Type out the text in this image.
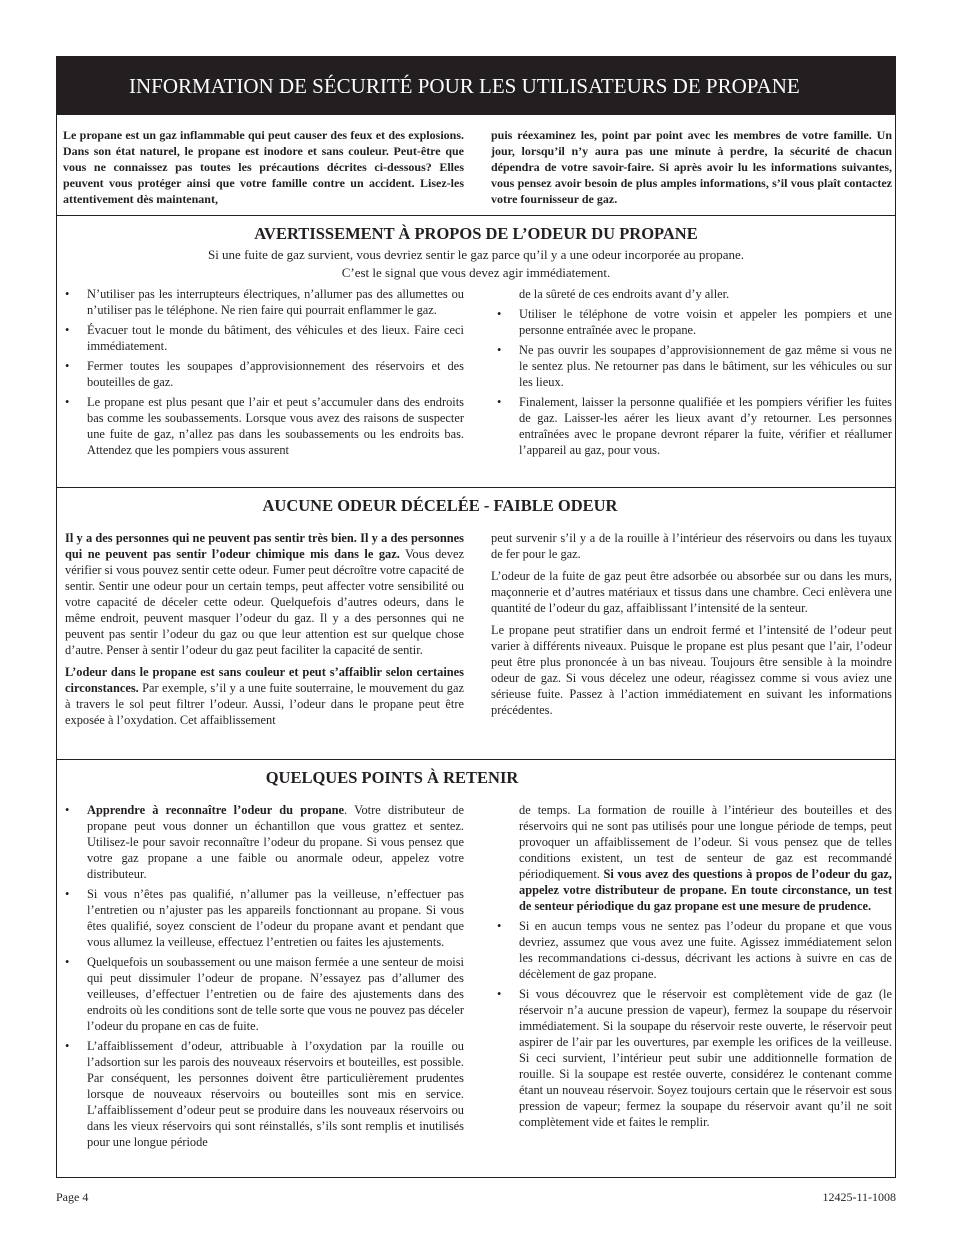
INFORMATION DE SÉCURITÉ POUR LES UTILISATEURS DE PROPANE
Le propane est un gaz inflammable qui peut causer des feux et des explosions. Dans son état naturel, le propane est inodore et sans couleur. Peut-être que vous ne connaissez pas toutes les précautions décrites ci-dessous? Elles peuvent vous protéger ainsi que votre famille contre un accident. Lisez-les attentivement dès maintenant,
puis réexaminez les, point par point avec les membres de votre famille. Un jour, lorsqu’il n’y aura pas une minute à perdre, la sécurité de chacun dépendra de votre savoir-faire. Si après avoir lu les informations suivantes, vous pensez avoir besoin de plus amples informations, s’il vous plaît contactez votre fournisseur de gaz.
AVERTISSEMENT À PROPOS DE L’ODEUR DU PROPANE
Si une fuite de gaz survient, vous devriez sentir le gaz parce qu’il y a une odeur incorporée au propane.
C’est le signal que vous devez agir immédiatement.
• N’utiliser pas les interrupteurs électriques, n’allumer pas des allumettes ou n’utiliser pas le téléphone. Ne rien faire qui pourrait enflammer le gaz.
• Évacuer tout le monde du bâtiment, des véhicules et des lieux. Faire ceci immédiatement.
• Fermer toutes les soupapes d’approvisionnement des réservoirs et des bouteilles de gaz.
• Le propane est plus pesant que l’air et peut s’accumuler dans des endroits bas comme les soubassements. Lorsque vous avez des raisons de suspecter une fuite de gaz, n’allez pas dans les soubassements ou les endroits bas. Attendez que les pompiers vous assurent
de la sûreté de ces endroits avant d’y aller.
• Utiliser le téléphone de votre voisin et appeler les pompiers et une personne entraînée avec le propane.
• Ne pas ouvrir les soupapes d’approvisionnement de gaz même si vous ne le sentez plus. Ne retourner pas dans le bâtiment, sur les véhicules ou sur les lieux.
• Finalement, laisser la personne qualifiée et les pompiers vérifier les fuites de gaz. Laisser-les aérer les lieux avant d’y retourner. Les personnes entraînées avec le propane devront réparer la fuite, vérifier et réallumer l’appareil au gaz, pour vous.
AUCUNE ODEUR DÉCELÉE - FAIBLE ODEUR

Il y a des personnes qui ne peuvent pas sentir très bien. Il y a des personnes qui ne peuvent pas sentir l’odeur chimique mis dans le gaz. Vous devez vérifier si vous pouvez sentir cette odeur. Fumer peut décroître votre capacité de sentir. Sentir une odeur pour un certain temps, peut affecter votre sensibilité ou votre capacité de déceler cette odeur. Quelquefois d’autres odeurs, dans le même endroit, peuvent masquer l’odeur du gaz. Il y a des personnes qui ne peuvent pas sentir l’odeur du gaz ou que leur attention est sur quelque chose d’autre. Penser à sentir l’odeur du gaz peut faciliter la capacité de sentir.

L’odeur dans le propane est sans couleur et peut s’affaiblir selon certaines circonstances. Par exemple, s’il y a une fuite souterraine, le mouvement du gaz à travers le sol peut filtrer l’odeur. Aussi, l’odeur dans le propane peut être exposée à l’oxydation. Cet affaiblissement

peut survenir s’il y a de la rouille à l’intérieur des réservoirs ou dans les tuyaux de fer pour le gaz.

L’odeur de la fuite de gaz peut être adsorbée ou absorbée sur ou dans les murs, maçonnerie et d’autres matériaux et tissus dans une chambre. Ceci enlèvera une quantité de l’odeur du gaz, affaiblissant l’intensité de la senteur.

Le propane peut stratifier dans un endroit fermé et l’intensité de l’odeur peut varier à différents niveaux. Puisque le propane est plus pesant que l’air, l’odeur peut être plus prononcée à un bas niveau. Toujours être sensible à la moindre odeur de gaz. Si vous décelez une odeur, réagissez comme si vous aviez une sérieuse fuite. Passez à l’action immédiatement en suivant les informations précédentes.

QUELQUES POINTS À RETENIR
• Apprendre à reconnaître l’odeur du propane. Votre distributeur de propane peut vous donner un échantillon que vous grattez et sentez. Utilisez-le pour savoir reconnaître l’odeur du propane. Si vous pensez que votre gaz propane a une faible ou anormale odeur, appelez votre distributeur.
• Si vous n’êtes pas qualifié, n’allumer pas la veilleuse, n’effectuer pas l’entretien ou n’ajuster pas les appareils fonctionnant au propane. Si vous êtes qualifié, soyez conscient de l’odeur du propane avant et pendant que vous allumez la veilleuse, effectuez l’entretien ou faites les ajustements.
• Quelquefois un soubassement ou une maison fermée a une senteur de moisi qui peut dissimuler l’odeur de propane. N’essayez pas d’allumer des veilleuses, d’effectuer l’entretien ou de faire des ajustements dans des endroits où les conditions sont de telle sorte que vous ne pouvez pas déceler l’odeur du propane en cas de fuite.
• L’affaiblissement d’odeur, attribuable à l’oxydation par la rouille ou l’adsortion sur les parois des nouveaux réservoirs et bouteilles, est possible. Par conséquent, les personnes doivent être particulièrement prudentes lorsque de nouveaux réservoirs ou bouteilles sont mis en service. L’affaiblissement d’odeur peut se produire dans les nouveaux réservoirs ou dans les vieux réservoirs qui sont réinstallés, s’ils sont remplis et inutilisés pour une longue période
de temps. La formation de rouille à l’intérieur des bouteilles et des réservoirs qui ne sont pas utilisés pour une longue période de temps, peut provoquer un affaiblissement de l’odeur. Si vous pensez que de telles conditions existent, un test de senteur de gaz est recommandé périodiquement. Si vous avez des questions à propos de l’odeur du gaz, appelez votre distributeur de propane. En toute circonstance, un test de senteur périodique du gaz propane est une mesure de prudence.
• Si en aucun temps vous ne sentez pas l’odeur du propane et que vous devriez, assumez que vous avez une fuite. Agissez immédiatement selon les recommandations ci-dessus, décrivant les actions à suivre en cas de décèlement de gaz propane.
• Si vous découvrez que le réservoir est complètement vide de gaz (le réservoir n’a aucune pression de vapeur), fermez la soupape du réservoir immédiatement. Si la soupape du réservoir reste ouverte, le réservoir peut aspirer de l’air par les ouvertures, par exemple les orifices de la veilleuse. Si ceci survient, l’intérieur peut subir une additionnelle formation de rouille. Si la soupape est restée ouverte, considérez le contenant comme étant un nouveau réservoir. Soyez toujours certain que le réservoir est sous pression de vapeur; fermez la soupape du réservoir avant qu’il ne soit complètement vide et faites le remplir.
Page 4	12425-11-1008
